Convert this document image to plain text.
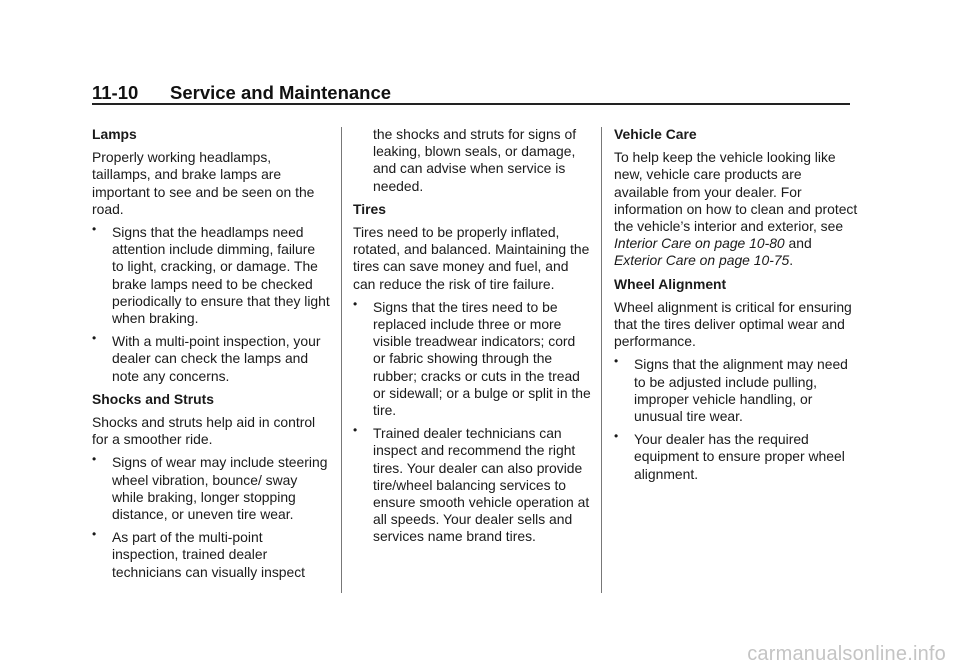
11-10 Service and Maintenance
Lamps

Properly working headlamps, taillamps, and brake lamps are important to see and be seen on the road.

• Signs that the headlamps need attention include dimming, failure to light, cracking, or damage. The brake lamps need to be checked periodically to ensure that they light when braking.
• With a multi-point inspection, your dealer can check the lamps and note any concerns.
Shocks and Struts

Shocks and struts help aid in control for a smoother ride.

• Signs of wear may include steering wheel vibration, bounce/ sway while braking, longer stopping distance, or uneven tire wear.
• As part of the multi-point inspection, trained dealer technicians can visually inspect
the shocks and struts for signs of leaking, blown seals, or damage, and can advise when service is needed.
Tires

Tires need to be properly inflated, rotated, and balanced. Maintaining the tires can save money and fuel, and can reduce the risk of tire failure.

• Signs that the tires need to be replaced include three or more visible treadwear indicators; cord or fabric showing through the rubber; cracks or cuts in the tread or sidewall; or a bulge or split in the tire.
• Trained dealer technicians can inspect and recommend the right tires. Your dealer can also provide tire/wheel balancing services to ensure smooth vehicle operation at all speeds. Your dealer sells and services name brand tires.
Vehicle Care

To help keep the vehicle looking like new, vehicle care products are available from your dealer. For information on how to clean and protect the vehicle’s interior and exterior, see Interior Care on page 10-80 and Exterior Care on page 10-75.

Wheel Alignment

Wheel alignment is critical for ensuring that the tires deliver optimal wear and performance.

• Signs that the alignment may need to be adjusted include pulling, improper vehicle handling, or unusual tire wear.
• Your dealer has the required equipment to ensure proper wheel alignment.
carmanualsonline.info
